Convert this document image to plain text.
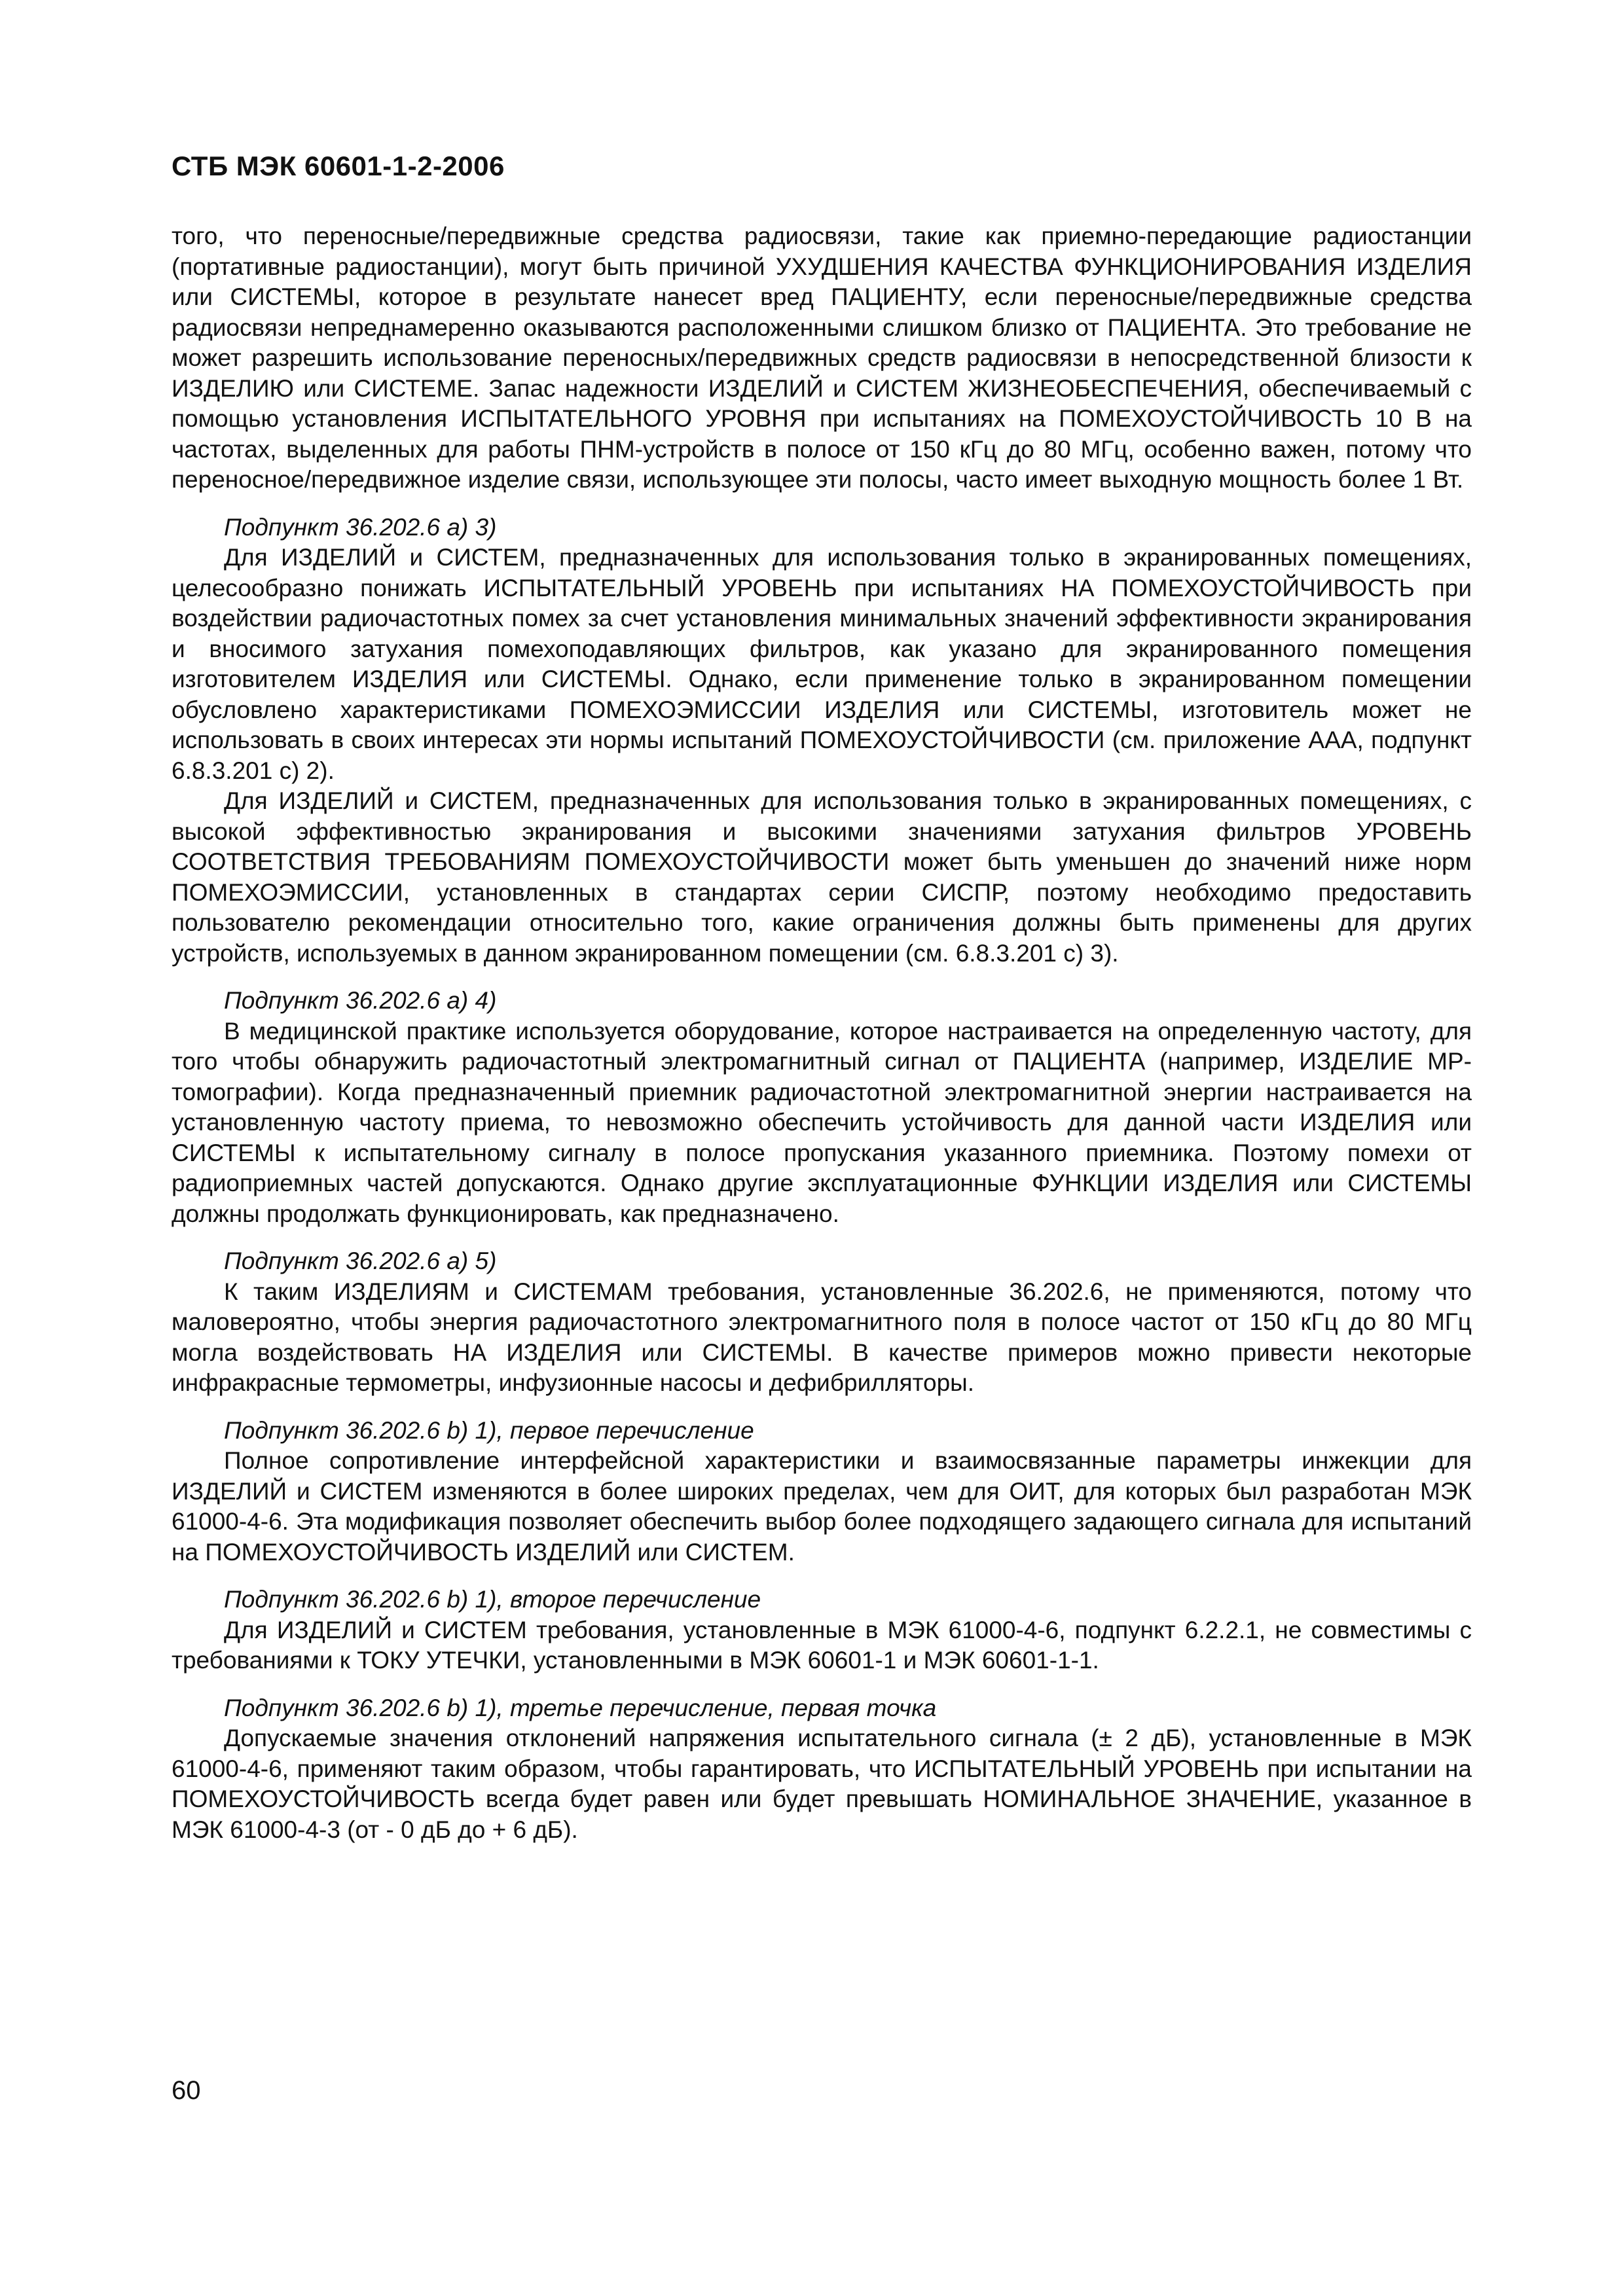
СТБ МЭК 60601-1-2-2006

того, что переносные/передвижные средства радиосвязи, такие как приемно-передающие радиостанции (портативные радиостанции), могут быть причиной УХУДШЕНИЯ КАЧЕСТВА ФУНКЦИОНИРОВАНИЯ ИЗДЕЛИЯ или СИСТЕМЫ, которое в результате нанесет вред ПАЦИЕНТУ, если переносные/передвижные средства радиосвязи непреднамеренно оказываются расположенными слишком близко от ПАЦИЕНТА. Это требование не может разрешить использование переносных/передвижных средств радиосвязи в непосредственной близости к ИЗДЕЛИЮ или СИСТЕМЕ. Запас надежности ИЗДЕЛИЙ и СИСТЕМ ЖИЗНЕОБЕСПЕЧЕНИЯ, обеспечиваемый с помощью установления ИСПЫТАТЕЛЬНОГО УРОВНЯ при испытаниях на ПОМЕХОУСТОЙЧИВОСТЬ 10 В на частотах, выделенных для работы ПНМ-устройств в полосе от 150 кГц до 80 МГц, особенно важен, потому что переносное/передвижное изделие связи, использующее эти полосы, часто имеет выходную мощность более 1 Вт.

Подпункт 36.202.6 a) 3)

Для ИЗДЕЛИЙ и СИСТЕМ, предназначенных для использования только в экранированных помещениях, целесообразно понижать ИСПЫТАТЕЛЬНЫЙ УРОВЕНЬ при испытаниях НА ПОМЕХОУСТОЙЧИВОСТЬ при воздействии радиочастотных помех за счет установления минимальных значений эффективности экранирования и вносимого затухания помехоподавляющих фильтров, как указано для экранированного помещения изготовителем ИЗДЕЛИЯ или СИСТЕМЫ. Однако, если применение только в экранированном помещении обусловлено характеристиками ПОМЕХОЭМИССИИ ИЗДЕЛИЯ или СИСТЕМЫ, изготовитель может не использовать в своих интересах эти нормы испытаний ПОМЕХОУСТОЙЧИВОСТИ (см. приложение ААА, подпункт 6.8.3.201 с) 2).

Для ИЗДЕЛИЙ и СИСТЕМ, предназначенных для использования только в экранированных помещениях, с высокой эффективностью экранирования и высокими значениями затухания фильтров УРОВЕНЬ СООТВЕТСТВИЯ ТРЕБОВАНИЯМ ПОМЕХОУСТОЙЧИВОСТИ может быть уменьшен до значений ниже норм ПОМЕХОЭМИССИИ, установленных в стандартах серии СИСПР, поэтому необходимо предоставить пользователю рекомендации относительно того, какие ограничения должны быть применены для других устройств, используемых в данном экранированном помещении (см. 6.8.3.201 с) 3).

Подпункт 36.202.6 a) 4)

В медицинской практике используется оборудование, которое настраивается на определенную частоту, для того чтобы обнаружить радиочастотный электромагнитный сигнал от ПАЦИЕНТА (например, ИЗДЕЛИЕ МР-томографии). Когда предназначенный приемник радиочастотной электромагнитной энергии настраивается на установленную частоту приема, то невозможно обеспечить устойчивость для данной части ИЗДЕЛИЯ или СИСТЕМЫ к испытательному сигналу в полосе пропускания указанного приемника. Поэтому помехи от радиоприемных частей допускаются. Однако другие эксплуатационные ФУНКЦИИ ИЗДЕЛИЯ или СИСТЕМЫ должны продолжать функционировать, как предназначено.

Подпункт 36.202.6 a) 5)

К таким ИЗДЕЛИЯМ и СИСТЕМАМ требования, установленные 36.202.6, не применяются, потому что маловероятно, чтобы энергия радиочастотного электромагнитного поля в полосе частот от 150 кГц до 80 МГц могла воздействовать НА ИЗДЕЛИЯ или СИСТЕМЫ. В качестве примеров можно привести некоторые инфракрасные термометры, инфузионные насосы и дефибрилляторы.

Подпункт 36.202.6 b) 1), первое перечисление

Полное сопротивление интерфейсной характеристики и взаимосвязанные параметры инжекции для ИЗДЕЛИЙ и СИСТЕМ изменяются в более широких пределах, чем для ОИТ, для которых был разработан МЭК 61000-4-6. Эта модификация позволяет обеспечить выбор более подходящего задающего сигнала для испытаний на ПОМЕХОУСТОЙЧИВОСТЬ ИЗДЕЛИЙ или СИСТЕМ.

Подпункт 36.202.6 b) 1), второе перечисление

Для ИЗДЕЛИЙ и СИСТЕМ требования, установленные в МЭК 61000-4-6, подпункт 6.2.2.1, не совместимы с требованиями к ТОКУ УТЕЧКИ, установленными в МЭК 60601-1 и МЭК 60601-1-1.

Подпункт 36.202.6 b) 1), третье перечисление, первая точка

Допускаемые значения отклонений напряжения испытательного сигнала (± 2 дБ), установленные в МЭК 61000-4-6, применяют таким образом, чтобы гарантировать, что ИСПЫТАТЕЛЬНЫЙ УРОВЕНЬ при испытании на ПОМЕХОУСТОЙЧИВОСТЬ всегда будет равен или будет превышать НОМИНАЛЬНОЕ ЗНАЧЕНИЕ, указанное в МЭК 61000-4-3 (от - 0 дБ до + 6 дБ).

60
